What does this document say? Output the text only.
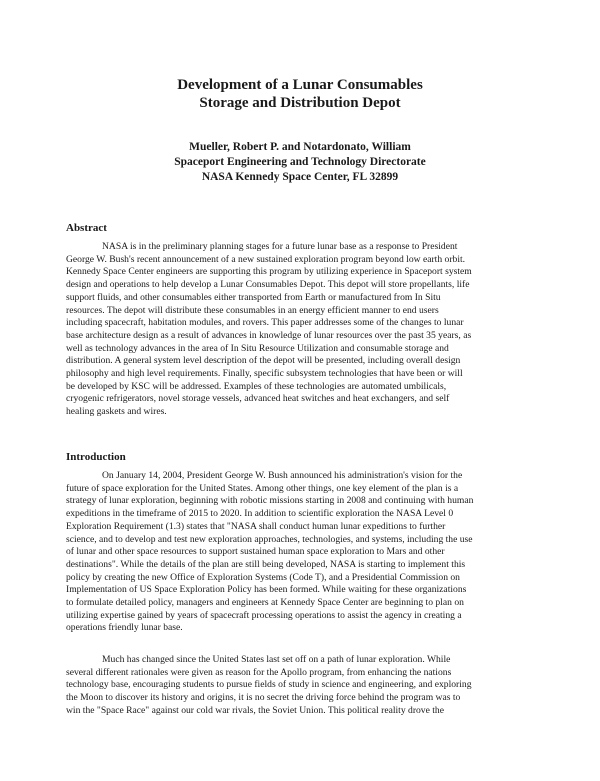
Development of a Lunar Consumables
Storage and Distribution Depot
Mueller, Robert P. and Notardonato, William
Spaceport Engineering and Technology Directorate
NASA Kennedy Space Center, FL 32899
Abstract
NASA is in the preliminary planning stages for a future lunar base as a response to President
George W. Bush's recent announcement of a new sustained exploration program beyond low earth orbit.
Kennedy Space Center engineers are supporting this program by utilizing experience in Spaceport system
design and operations to help develop a Lunar Consumables Depot. This depot will store propellants, life
support fluids, and other consumables either transported from Earth or manufactured from In Situ
resources. The depot will distribute these consumables in an energy efficient manner to end users
including spacecraft, habitation modules, and rovers. This paper addresses some of the changes to lunar
base architecture design as a result of advances in knowledge of lunar resources over the past 35 years, as
well as technology advances in the area of In Situ Resource Utilization and consumable storage and
distribution. A general system level description of the depot will be presented, including overall design
philosophy and high level requirements. Finally, specific subsystem technologies that have been or will
be developed by KSC will be addressed. Examples of these technologies are automated umbilicals,
cryogenic refrigerators, novel storage vessels, advanced heat switches and heat exchangers, and self
healing gaskets and wires.
Introduction
On January 14, 2004, President George W. Bush announced his administration's vision for the
future of space exploration for the United States. Among other things, one key element of the plan is a
strategy of lunar exploration, beginning with robotic missions starting in 2008 and continuing with human
expeditions in the timeframe of 2015 to 2020. In addition to scientific exploration the NASA Level 0
Exploration Requirement (1.3) states that "NASA shall conduct human lunar expeditions to further
science, and to develop and test new exploration approaches, technologies, and systems, including the use
of lunar and other space resources to support sustained human space exploration to Mars and other
destinations". While the details of the plan are still being developed, NASA is starting to implement this
policy by creating the new Office of Exploration Systems (Code T), and a Presidential Commission on
Implementation of US Space Exploration Policy has been formed. While waiting for these organizations
to formulate detailed policy, managers and engineers at Kennedy Space Center are beginning to plan on
utilizing expertise gained by years of spacecraft processing operations to assist the agency in creating a
operations friendly lunar base.
Much has changed since the United States last set off on a path of lunar exploration. While
several different rationales were given as reason for the Apollo program, from enhancing the nations
technology base, encouraging students to pursue fields of study in science and engineering, and exploring
the Moon to discover its history and origins, it is no secret the driving force behind the program was to
win the "Space Race" against our cold war rivals, the Soviet Union. This political reality drove the
